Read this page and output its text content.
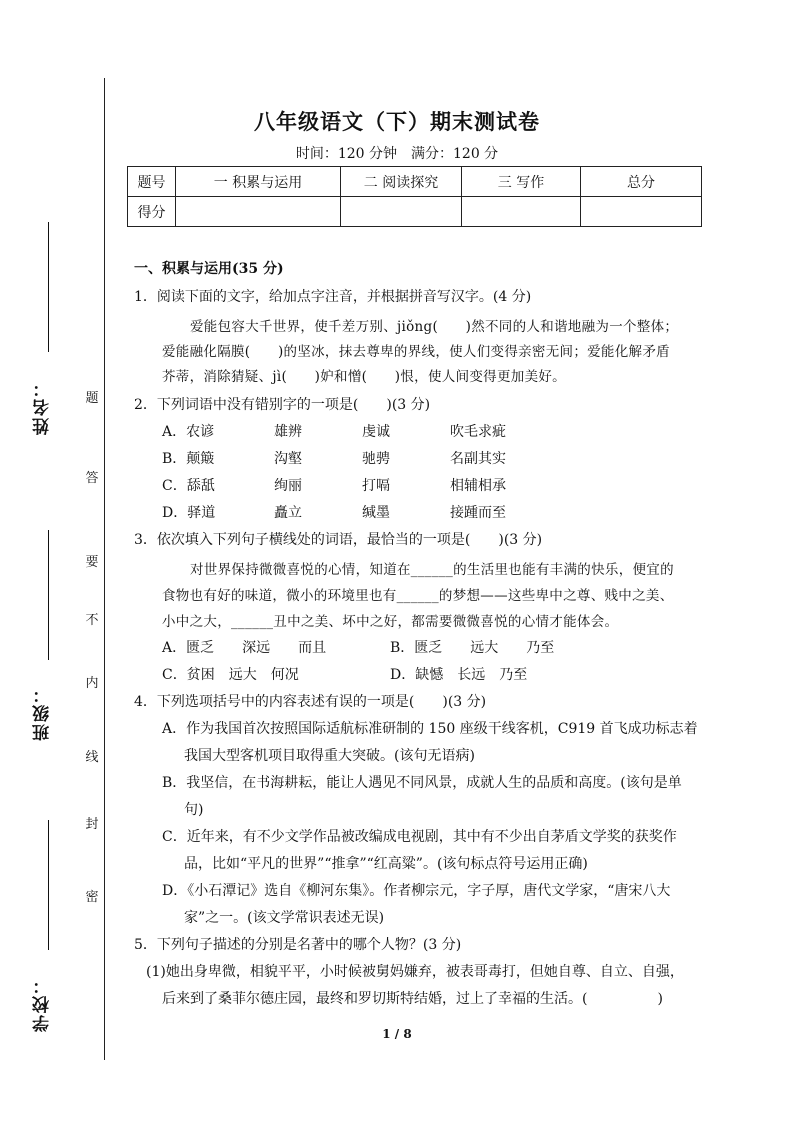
姓名：
班级：
学校：
题
答
要
不
内
线
封
密
八年级语文（下）期末测试卷
时间：120 分钟　满分：120 分
题号	一 积累与运用	二 阅读探究	三 写作	总分
得分				
一、积累与运用(35 分)
1．阅读下面的文字，给加点字注音，并根据拼音写汉字。(4 分)
爱能包容大千世界，使千差万别、jiǒng(　　)然不同的人和谐地融为一个整体；
爱能融化隔膜(　　)的坚冰，抹去尊卑的界线，使人们变得亲密无间；爱能化解矛盾
芥蒂，消除猜疑、jì(　　)妒和憎(　　)恨，使人间变得更加美好。
2．下列词语中没有错别字的一项是(　　)(3 分)
A．农谚	雄辨	虔诚	吹毛求疵
B．颠簸	沟壑	驰骋	名副其实
C．舔舐	绚丽	打嗝	相辅相承
D．驿道	矗立	缄墨	接踵而至
3．依次填入下列句子横线处的词语，最恰当的一项是(　　)(3 分)
对世界保持微微喜悦的心情，知道在______的生活里也能有丰满的快乐，便宜的
食物也有好的味道，微小的环境里也有______的梦想——这些卑中之尊、贱中之美、
小中之大，______丑中之美、坏中之好，都需要微微喜悦的心情才能体会。
A．匮乏　　深远　　而且	B．匮乏　　远大　　乃至
C．贫困　远大　何况	D．缺憾　长远　乃至
4．下列选项括号中的内容表述有误的一项是(　　)(3 分)
A．作为我国首次按照国际适航标准研制的 150 座级干线客机，C919 首飞成功标志着
我国大型客机项目取得重大突破。(该句无语病)
B．我坚信，在书海耕耘，能让人遇见不同风景，成就人生的品质和高度。(该句是单
句)
C．近年来，有不少文学作品被改编成电视剧，其中有不少出自茅盾文学奖的获奖作
品，比如“平凡的世界”“推拿”“红高粱”。(该句标点符号运用正确)
D．《小石潭记》选自《柳河东集》。作者柳宗元，字子厚，唐代文学家，“唐宋八大
家”之一。(该文学常识表述无误)
5．下列句子描述的分别是名著中的哪个人物？(3 分)
(1)她出身卑微，相貌平平，小时候被舅妈嫌弃，被表哥毒打，但她自尊、自立、自强，
后来到了桑菲尔德庄园，最终和罗切斯特结婚，过上了幸福的生活。(　　　　　)
1 / 8
